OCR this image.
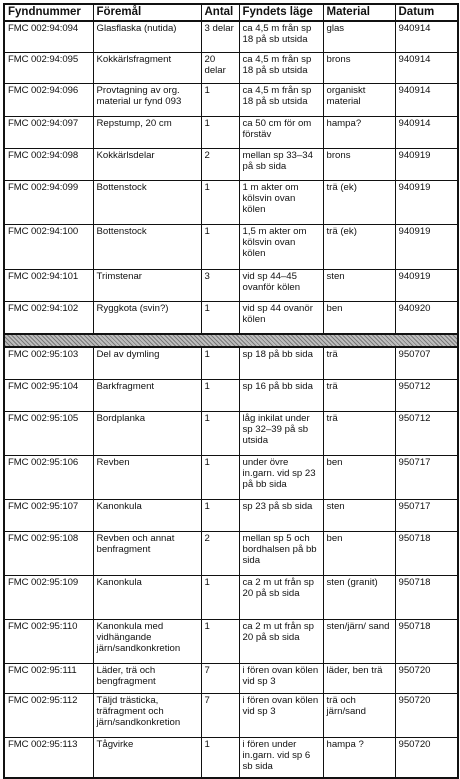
Fyndnummer	Föremål	Antal	Fyndets läge	Material	Datum
FMC 002:94:094	Glasflaska (nutida)	3 delar	ca 4,5 m från sp 18 på sb utsida	glas	940914
FMC 002:94:095	Kokkärlsfragment	20 delar	ca 4,5 m från sp 18 på sb utsida	brons	940914
FMC 002:94:096	Provtagning av org. material ur fynd 093	1	ca 4,5 m från sp 18 på sb utsida	organiskt material	940914
FMC 002:94:097	Repstump, 20 cm	1	ca 50 cm för om förstäv	hampa?	940914
FMC 002:94:098	Kokkärlsdelar	2	mellan sp 33–34 på sb sida	brons	940919
FMC 002:94:099	Bottenstock	1	1 m akter om kölsvin ovan kölen	trä (ek)	940919
FMC 002:94:100	Bottenstock	1	1,5 m akter om kölsvin ovan kölen	trä (ek)	940919
FMC 002:94:101	Trimstenar	3	vid sp 44–45 ovanför kölen	sten	940919
FMC 002:94:102	Ryggkota (svin?)	1	vid sp 44 ovanör kölen	ben	940920

FMC 002:95:103	Del av dymling	1	sp 18 på bb sida	trä	950707
FMC 002:95:104	Barkfragment	1	sp 16 på bb sida	trä	950712
FMC 002:95:105	Bordplanka	1	låg inkilat under sp 32–39 på sb utsida	trä	950712
FMC 002:95:106	Revben	1	under övre in.garn. vid sp 23 på bb sida	ben	950717
FMC 002:95:107	Kanonkula	1	sp 23 på sb sida	sten	950717
FMC 002:95:108	Revben och annat benfragment	2	mellan sp 5 och bordhalsen på bb sida	ben	950718
FMC 002:95:109	Kanonkula	1	ca 2 m ut från sp 20 på sb sida	sten (granit)	950718
FMC 002:95:110	Kanonkula med vidhängande järn/sandkonkretion	1	ca 2 m ut från sp 20 på sb sida	sten/järn/ sand	950718
FMC 002:95:111	Läder, trä och bengfragment	7	i fören ovan kölen vid sp 3	läder, ben trä	950720
FMC 002:95:112	Täljd trästicka, träfragment och järn/sandkonkretion	7	i fören ovan kölen vid sp 3	trä och järn/sand	950720
FMC 002:95:113	Tågvirke	1	i fören under in.garn. vid sp 6 sb sida	hampa ?	950720
